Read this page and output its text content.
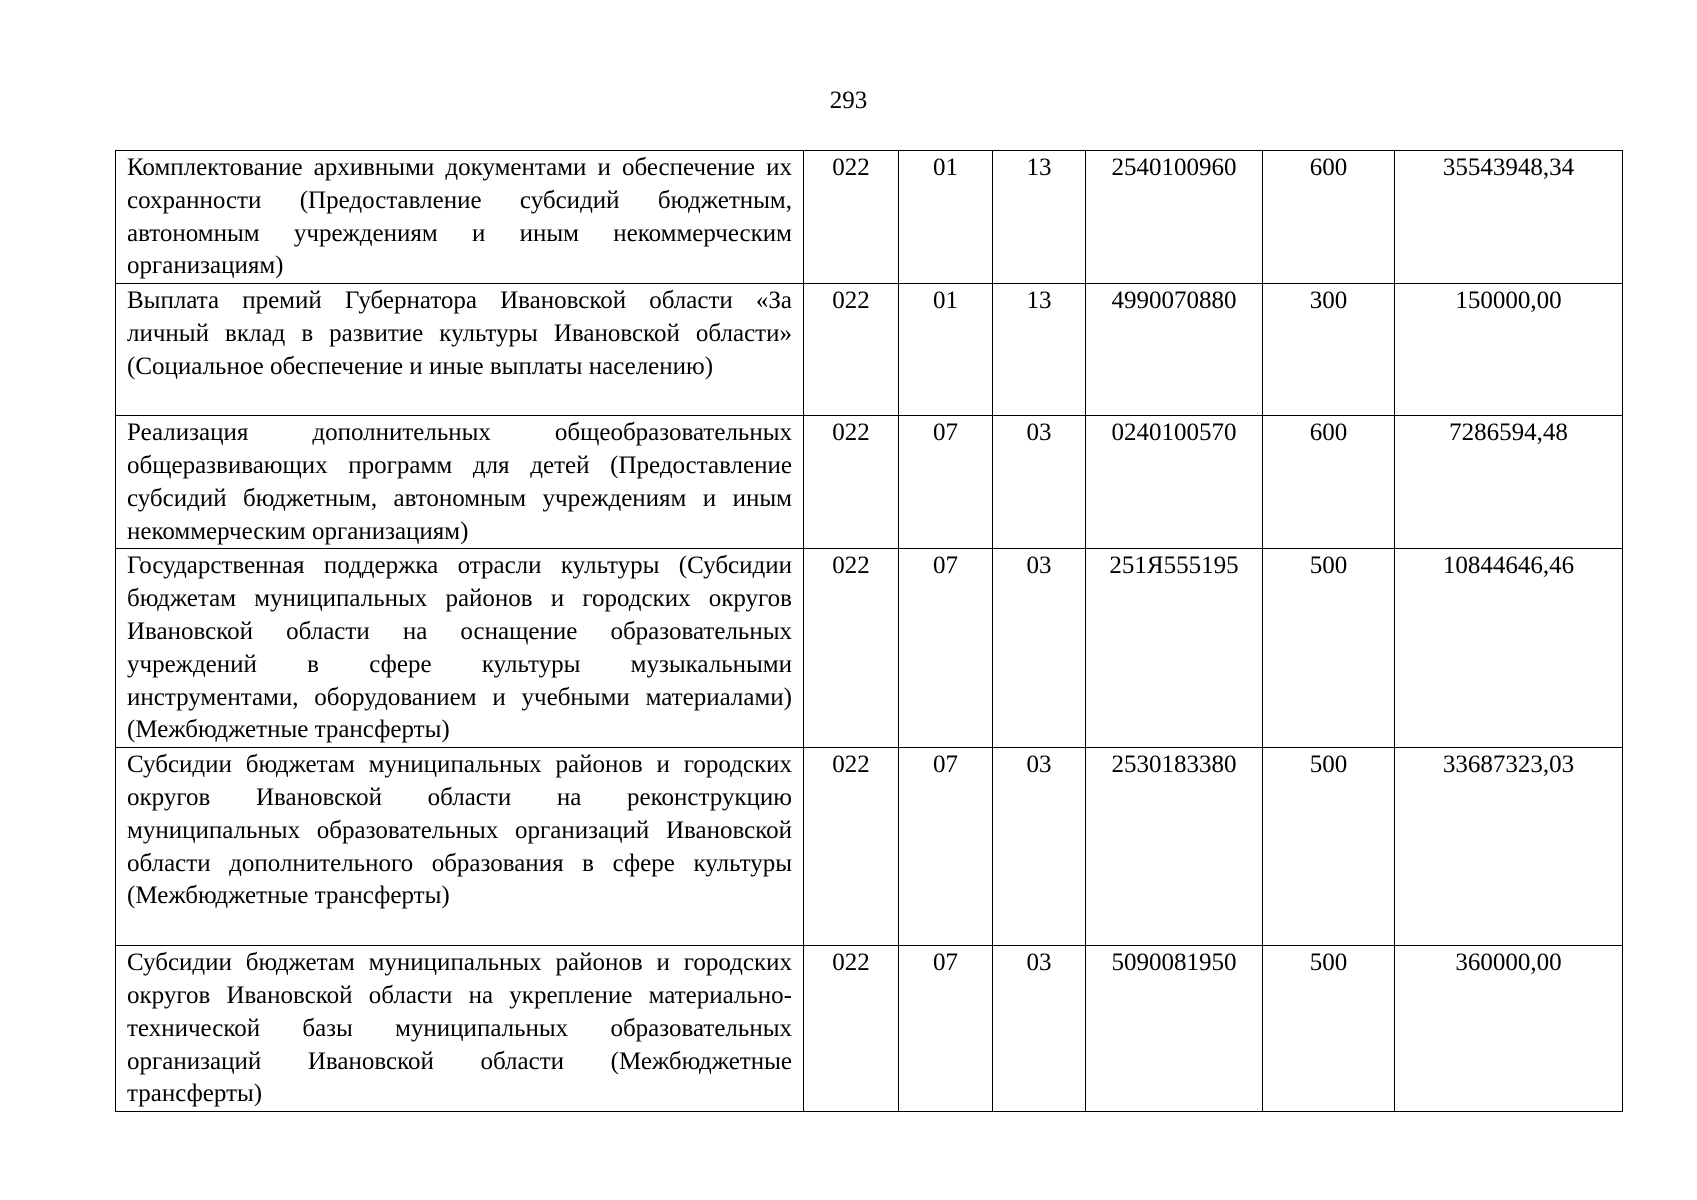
293
Комплектование архивными документами и обеспечение их сохранности (Предоставление субсидий бюджетным, автономным учреждениям и иным некоммерческим организациям)	022	01	13	2540100960	600	35543948,34
Выплата премий Губернатора Ивановской области «За личный вклад в развитие культуры Ивановской области» (Социальное обеспечение и иные выплаты населению)	022	01	13	4990070880	300	150000,00
Реализация дополнительных общеобразовательных общеразвивающих программ для детей (Предоставление субсидий бюджетным, автономным учреждениям и иным некоммерческим организациям)	022	07	03	0240100570	600	7286594,48
Государственная поддержка отрасли культуры (Субсидии бюджетам муниципальных районов и городских округов Ивановской области на оснащение образовательных учреждений в сфере культуры музыкальными инструментами, оборудованием и учебными материалами) (Межбюджетные трансферты)	022	07	03	251Я555195	500	10844646,46
Субсидии бюджетам муниципальных районов и городских округов Ивановской области на реконструкцию муниципальных образовательных организаций Ивановской области дополнительного образования в сфере культуры (Межбюджетные трансферты)	022	07	03	2530183380	500	33687323,03
Субсидии бюджетам муниципальных районов и городских округов Ивановской области на укрепление материально-технической базы муниципальных образовательных организаций Ивановской области (Межбюджетные трансферты)	022	07	03	5090081950	500	360000,00
